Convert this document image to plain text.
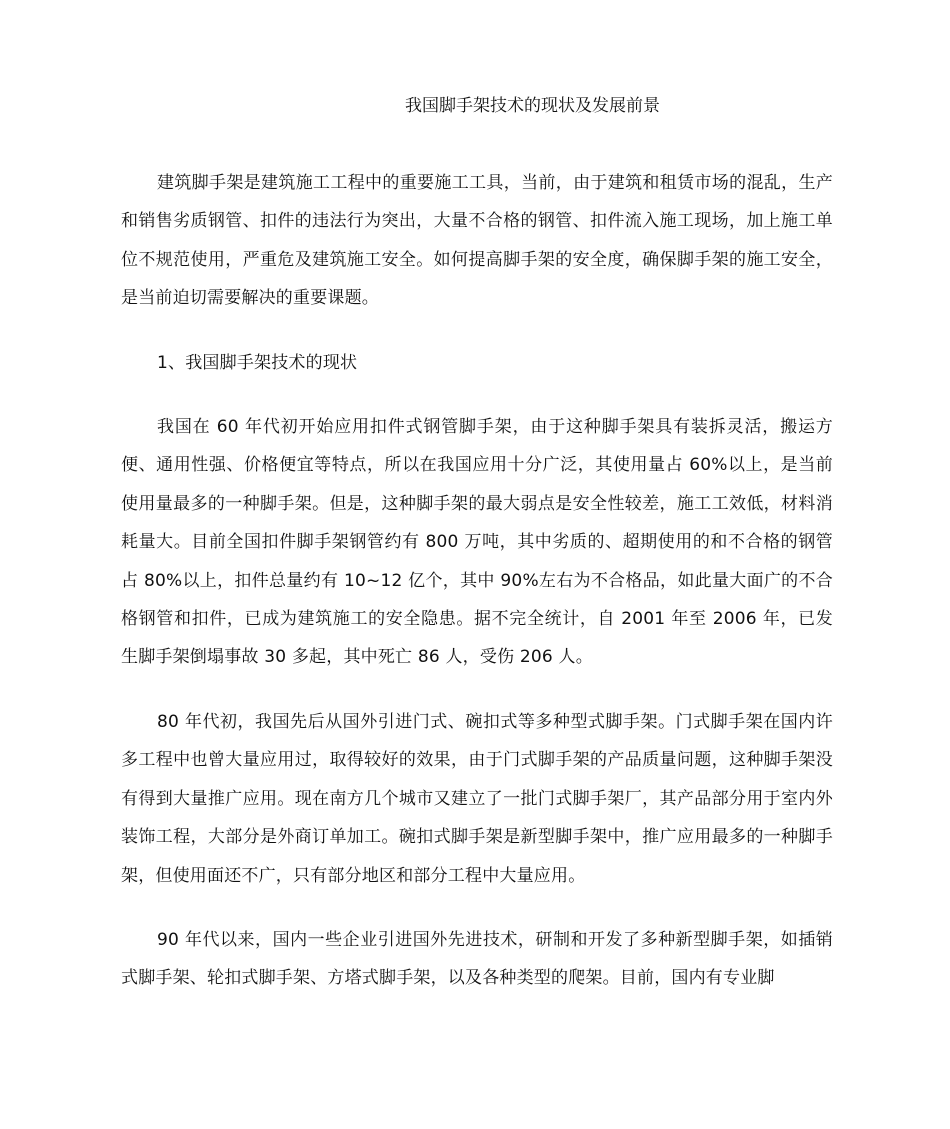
我国脚手架技术的现状及发展前景

建筑脚手架是建筑施工工程中的重要施工工具，当前，由于建筑和租赁市场的混乱，生产和销售劣质钢管、扣件的违法行为突出，大量不合格的钢管、扣件流入施工现场，加上施工单位不规范使用，严重危及建筑施工安全。如何提高脚手架的安全度，确保脚手架的施工安全，是当前迫切需要解决的重要课题。

1、我国脚手架技术的现状

我国在 60 年代初开始应用扣件式钢管脚手架，由于这种脚手架具有装拆灵活，搬运方便、通用性强、价格便宜等特点，所以在我国应用十分广泛，其使用量占 60%以上，是当前使用量最多的一种脚手架。但是，这种脚手架的最大弱点是安全性较差，施工工效低，材料消耗量大。目前全国扣件脚手架钢管约有 800 万吨，其中劣质的、超期使用的和不合格的钢管占 80%以上，扣件总量约有 10~12 亿个，其中 90%左右为不合格品，如此量大面广的不合格钢管和扣件，已成为建筑施工的安全隐患。据不完全统计，自 2001 年至 2006 年，已发生脚手架倒塌事故 30 多起，其中死亡 86 人，受伤 206 人。

80 年代初，我国先后从国外引进门式、碗扣式等多种型式脚手架。门式脚手架在国内许多工程中也曾大量应用过，取得较好的效果，由于门式脚手架的产品质量问题，这种脚手架没有得到大量推广应用。现在南方几个城市又建立了一批门式脚手架厂，其产品部分用于室内外装饰工程，大部分是外商订单加工。碗扣式脚手架是新型脚手架中，推广应用最多的一种脚手架，但使用面还不广，只有部分地区和部分工程中大量应用。

90 年代以来，国内一些企业引进国外先进技术，研制和开发了多种新型脚手架，如插销式脚手架、轮扣式脚手架、方塔式脚手架，以及各种类型的爬架。目前，国内有专业脚
